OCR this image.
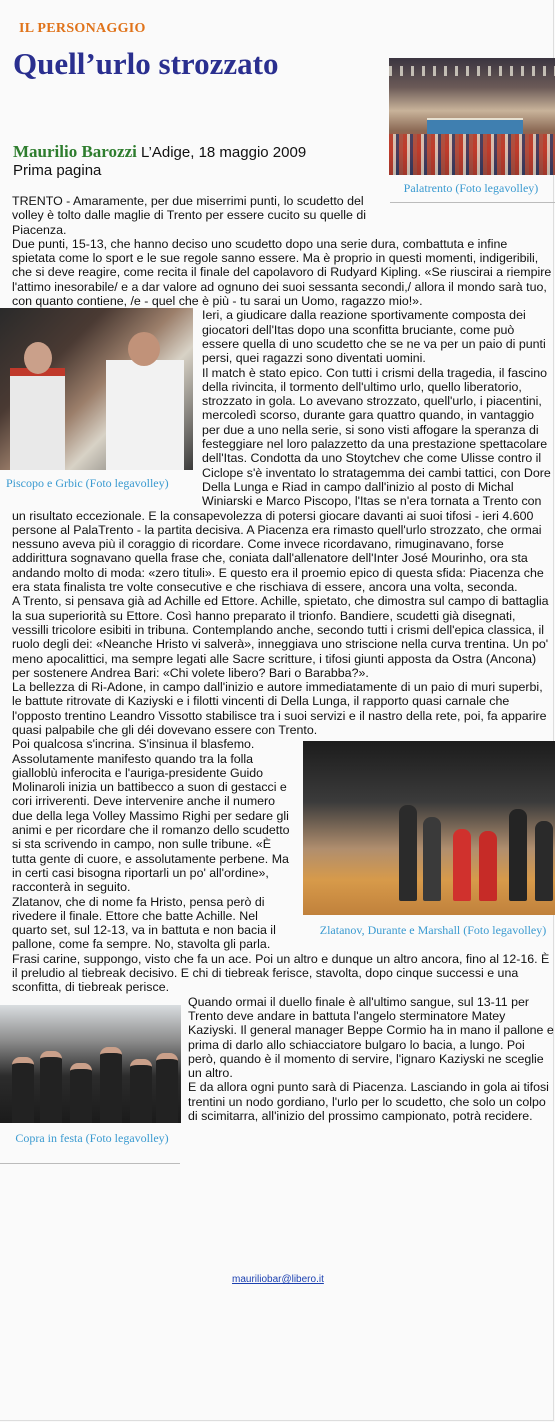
IL PERSONAGGIO
Quell’urlo strozzato
Maurilio Barozzi L’Adige, 18 maggio 2009
Prima pagina
Palatrento (Foto legavolley)

TRENTO - Amaramente, per due miserrimi punti, lo scudetto del volley è tolto dalle maglie di Trento per essere cucito su quelle di Piacenza.

Due punti, 15-13, che hanno deciso uno scudetto dopo una serie dura, combattuta e infine spietata come lo sport e le sue regole sanno essere. Ma è proprio in questi momenti, indigeribili, che si deve reagire, come recita il finale del capolavoro di Rudyard Kipling. «Se riuscirai a riempire l'attimo inesorabile/ e a dar valore ad ognuno dei suoi sessanta secondi,/ allora il mondo sarà tuo, con quanto contiene, /e - quel che è più - tu sarai un Uomo, ragazzo mio!».

Piscopo e Grbic (Foto legavolley)

Ieri, a giudicare dalla reazione sportivamente composta dei giocatori dell'Itas dopo una sconfitta bruciante, come può essere quella di uno scudetto che se ne va per un paio di punti persi, quei ragazzi sono diventati uomini.

Il match è stato epico. Con tutti i crismi della tragedia, il fascino della rivincita, il tormento dell'ultimo urlo, quello liberatorio, strozzato in gola. Lo avevano strozzato, quell'urlo, i piacentini, mercoledì scorso, durante gara quattro quando, in vantaggio per due a uno nella serie, si sono visti affogare la speranza di festeggiare nel loro palazzetto da una prestazione spettacolare dell'Itas. Condotta da uno Stoytchev che come Ulisse contro il Ciclope s'è inventato lo stratagemma dei cambi tattici, con Dore Della Lunga e Riad in campo dall'inizio al posto di Michal Winiarski e Marco Piscopo, l'Itas se n'era tornata a Trento con un risultato eccezionale. E la consapevolezza di potersi giocare davanti ai suoi tifosi - ieri 4.600 persone al PalaTrento - la partita decisiva. A Piacenza era rimasto quell'urlo strozzato, che ormai nessuno aveva più il coraggio di ricordare. Come invece ricordavano, rimuginavano, forse addirittura sognavano quella frase che, coniata dall'allenatore dell'Inter José Mourinho, ora sta andando molto di moda: «zero tituli». E questo era il proemio epico di questa sfida: Piacenza che era stata finalista tre volte consecutive e che rischiava di essere, ancora una volta, seconda.

A Trento, si pensava già ad Achille ed Ettore. Achille, spietato, che dimostra sul campo di battaglia la sua superiorità su Ettore. Così hanno preparato il trionfo. Bandiere, scudetti già disegnati, vessilli tricolore esibiti in tribuna. Contemplando anche, secondo tutti i crismi dell'epica classica, il ruolo degli dei: «Neanche Hristo vi salverà», inneggiava uno striscione nella curva trentina. Un po' meno apocalittici, ma sempre legati alle Sacre scritture, i tifosi giunti apposta da Ostra (Ancona) per sostenere Andrea Bari: «Chi volete libero? Bari o Barabba?».

La bellezza di Ri-Adone, in campo dall'inizio e autore immediatamente di un paio di muri superbi, le battute ritrovate di Kaziyski e i filotti vincenti di Della Lunga, il rapporto quasi carnale che l'opposto trentino Leandro Vissotto stabilisce tra i suoi servizi e il nastro della rete, poi, fa apparire quasi palpabile che gli déi dovevano essere con Trento.

Zlatanov, Durante e Marshall (Foto legavolley)

Poi qualcosa s'incrina. S'insinua il blasfemo. Assolutamente manifesto quando tra la folla gialloblù inferocita e l'auriga-presidente Guido Molinaroli inizia un battibecco a suon di gestacci e cori irriverenti. Deve intervenire anche il numero due della lega Volley Massimo Righi per sedare gli animi e per ricordare che il romanzo dello scudetto si sta scrivendo in campo, non sulle tribune. «È tutta gente di cuore, e assolutamente perbene. Ma in certi casi bisogna riportarli un po' all'ordine», racconterà in seguito.

Zlatanov, che di nome fa Hristo, pensa però di rivedere il finale. Ettore che batte Achille. Nel quarto set, sul 12-13, va in battuta e non bacia il pallone, come fa sempre. No, stavolta gli parla. Frasi carine, suppongo, visto che fa un ace. Poi un altro e dunque un altro ancora, fino al 12-16. È il preludio al tiebreak decisivo. E chi di tiebreak ferisce, stavolta, dopo cinque successi e una sconfitta, di tiebreak perisce.

Copra in festa (Foto legavolley)

Quando ormai il duello finale è all'ultimo sangue, sul 13-11 per Trento deve andare in battuta l'angelo sterminatore Matey Kaziyski. Il general manager Beppe Cormio ha in mano il pallone e prima di darlo allo schiacciatore bulgaro lo bacia, a lungo. Poi però, quando è il momento di servire, l'ignaro Kaziyski ne sceglie un altro.

E da allora ogni punto sarà di Piacenza. Lasciando in gola ai tifosi trentini un nodo gordiano, l'urlo per lo scudetto, che solo un colpo di scimitarra, all'inizio del prossimo campionato, potrà recidere.

mauriliobar@libero.it
